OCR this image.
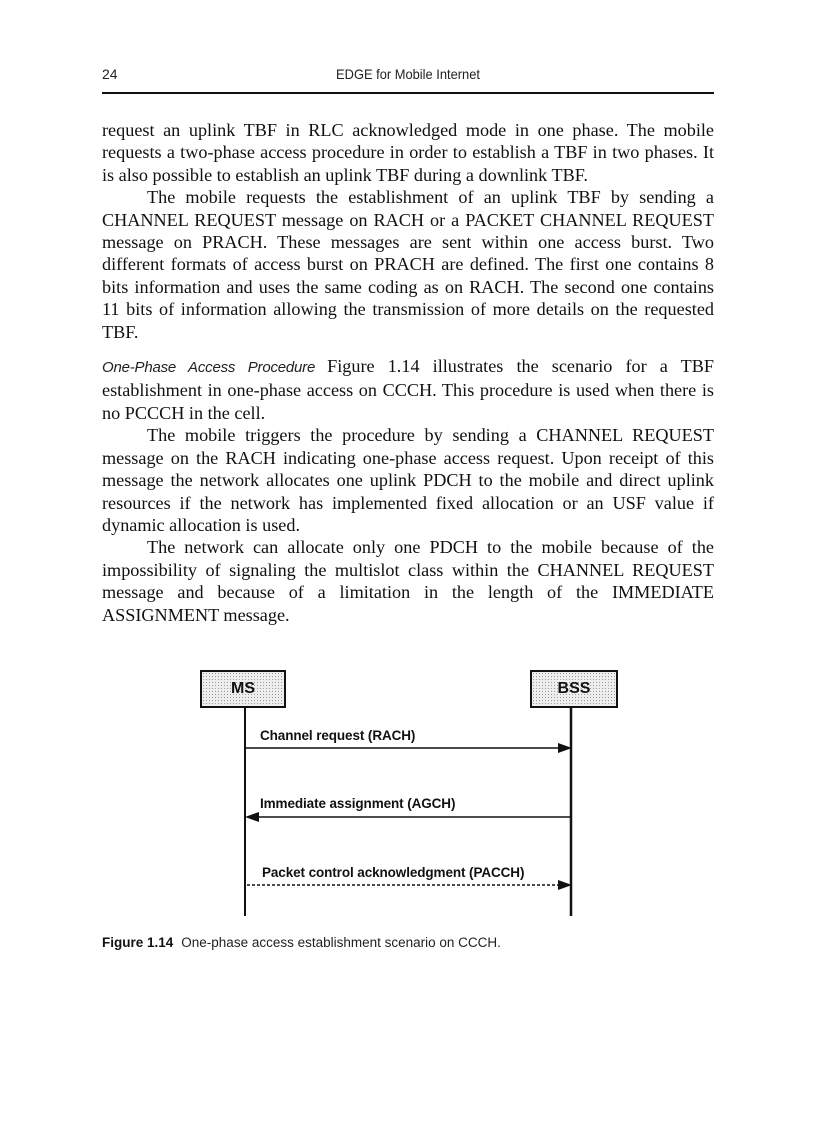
24	EDGE for Mobile Internet

request an uplink TBF in RLC acknowledged mode in one phase. The mobile requests a two-phase access procedure in order to establish a TBF in two phases. It is also possible to establish an uplink TBF during a downlink TBF.

The mobile requests the establishment of an uplink TBF by sending a CHANNEL REQUEST message on RACH or a PACKET CHANNEL REQUEST message on PRACH. These messages are sent within one access burst. Two different formats of access burst on PRACH are defined. The first one contains 8 bits information and uses the same coding as on RACH. The second one contains 11 bits of information allowing the transmission of more details on the requested TBF.

One-Phase Access Procedure Figure 1.14 illustrates the scenario for a TBF establishment in one-phase access on CCCH. This procedure is used when there is no PCCCH in the cell.

The mobile triggers the procedure by sending a CHANNEL REQUEST message on the RACH indicating one-phase access request. Upon receipt of this message the network allocates one uplink PDCH to the mobile and direct uplink resources if the network has implemented fixed allocation or an USF value if dynamic allocation is used.

The network can allocate only one PDCH to the mobile because of the impossibility of signaling the multislot class within the CHANNEL REQUEST message and because of a limitation in the length of the IMMEDIATE ASSIGNMENT message.

MS	BSS
Channel request (RACH)
Immediate assignment (AGCH)
Packet control acknowledgment (PACCH)
Figure 1.14 One-phase access establishment scenario on CCCH.
